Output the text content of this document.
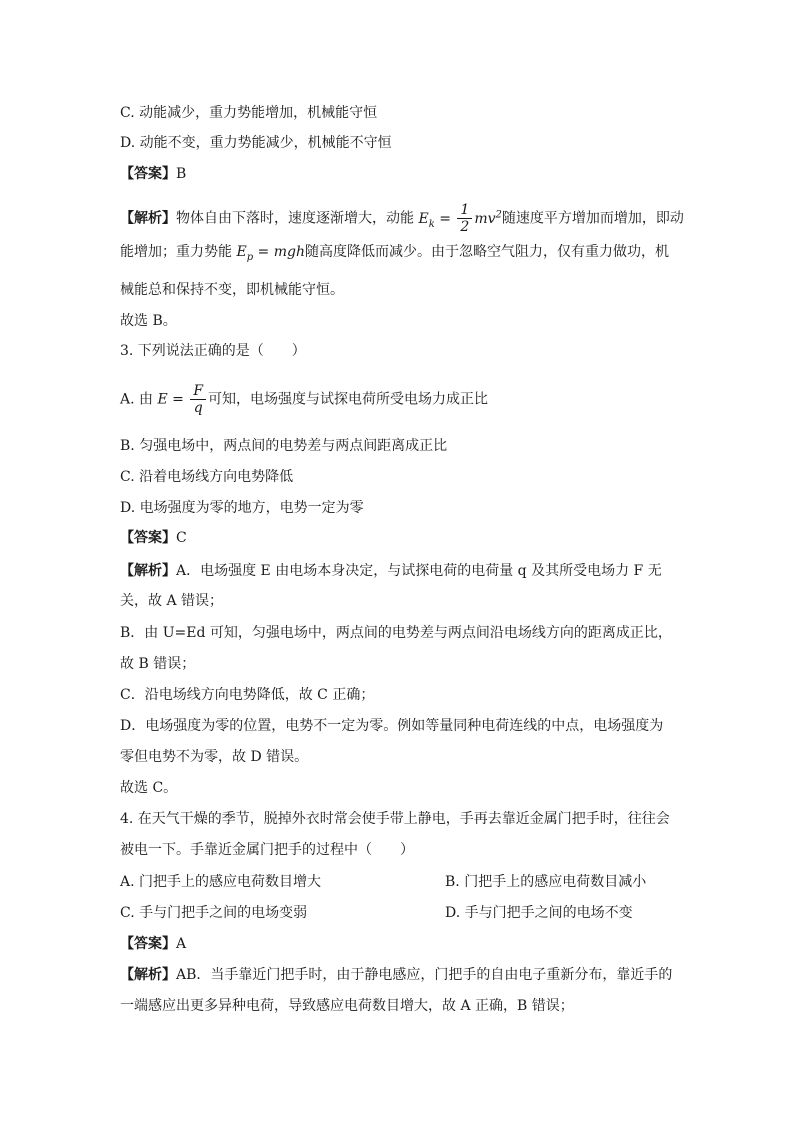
C. 动能减少，重力势能增加，机械能守恒
D. 动能不变，重力势能减少，机械能不守恒
【答案】B
【解析】物体自由下落时，速度逐渐增大，动能 $E_k = \frac{1}{2} mv^2$随速度平方增加而增加，即动
能增加；重力势能 $E_p$ = mgh随高度降低而减少。由于忽略空气阻力，仅有重力做功，机
械能总和保持不变，即机械能守恒。
故选 B。
3. 下列说法正确的是（　　）
A. 由 $E = \frac{F}{q}$ 可知，电场强度与试探电荷所受电场力成正比
B. 匀强电场中，两点间的电势差与两点间距离成正比
C. 沿着电场线方向电势降低
D. 电场强度为零的地方，电势一定为零
【答案】C
【解析】A．电场强度 E 由电场本身决定，与试探电荷的电荷量 q 及其所受电场力 F 无
关，故 A 错误；
B．由 U=Ed 可知，匀强电场中，两点间的电势差与两点间沿电场线方向的距离成正比，
故 B 错误；
C．沿电场线方向电势降低，故 C 正确；
D．电场强度为零的位置，电势不一定为零。例如等量同种电荷连线的中点，电场强度为
零但电势不为零，故 D 错误。
故选 C。
4. 在天气干燥的季节，脱掉外衣时常会使手带上静电，手再去靠近金属门把手时，往往会
被电一下。手靠近金属门把手的过程中（　　）
A. 门把手上的感应电荷数目增大	B. 门把手上的感应电荷数目减小
C. 手与门把手之间的电场变弱	D. 手与门把手之间的电场不变
【答案】A
【解析】AB．当手靠近门把手时，由于静电感应，门把手的自由电子重新分布，靠近手的
一端感应出更多异种电荷，导致感应电荷数目增大，故 A 正确，B 错误；
